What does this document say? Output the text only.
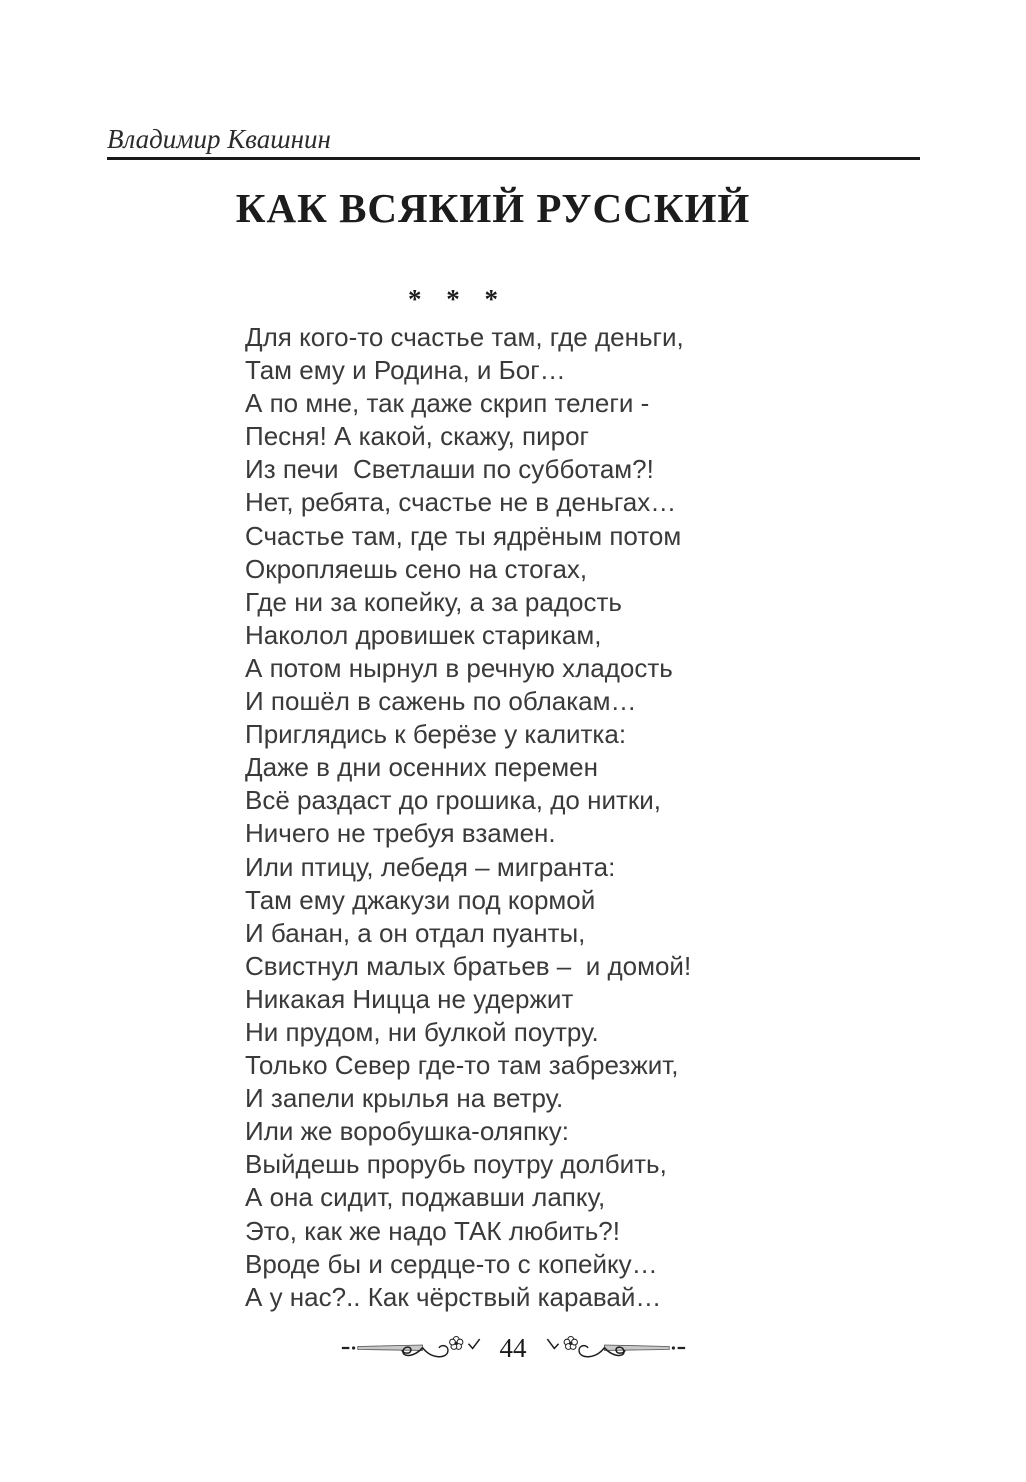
Владимир Квашнин
КАК ВСЯКИЙ РУССКИЙ
* * *
Для кого-то счастье там, где деньги,
Там ему и Родина, и Бог…
А по мне, так даже скрип телеги -
Песня! А какой, скажу, пирог
Из печи  Светлаши по субботам?!
Нет, ребята, счастье не в деньгах…
Счастье там, где ты ядрёным потом
Окропляешь сено на стогах,
Где ни за копейку, а за радость
Наколол дровишек старикам,
А потом нырнул в речную хладость
И пошёл в сажень по облакам…
Приглядись к берёзе у калитка:
Даже в дни осенних перемен
Всё раздаст до грошика, до нитки,
Ничего не требуя взамен.
Или птицу, лебедя – мигранта:
Там ему джакузи под кормой
И банан, а он отдал пуанты,
Свистнул малых братьев –  и домой!
Никакая Ницца не удержит
Ни прудом, ни булкой поутру.
Только Север где-то там забрезжит,
И запели крылья на ветру.
Или же воробушка-оляпку:
Выйдешь прорубь поутру долбить,
А она сидит, поджавши лапку,
Это, как же надо ТАК любить?!
Вроде бы и сердце-то с копейку…
А у нас?.. Как чёрствый каравай…
44
